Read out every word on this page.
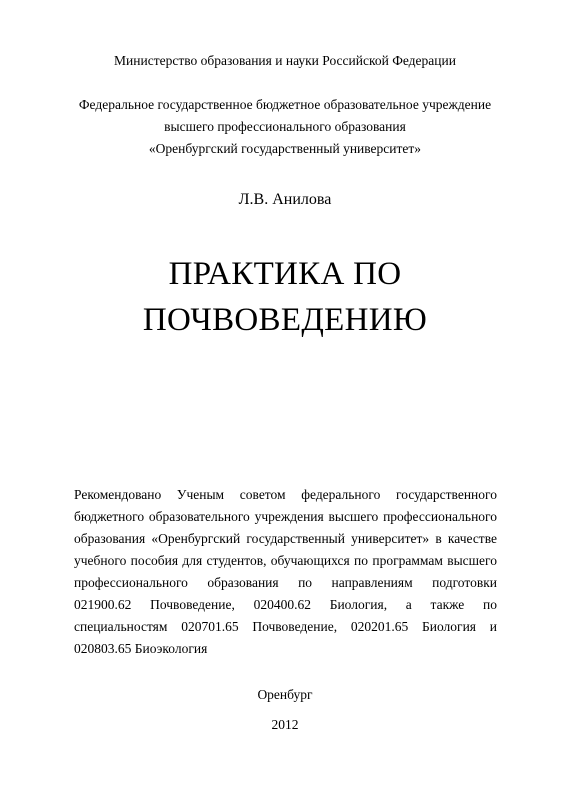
Министерство образования и науки Российской Федерации
Федеральное государственное бюджетное образовательное учреждение
высшего профессионального образования
«Оренбургский государственный университет»
Л.В. Анилова
ПРАКТИКА ПО
ПОЧВОВЕДЕНИЮ
Рекомендовано Ученым советом федерального государственного
бюджетного образовательного учреждения высшего профессионального
образования «Оренбургский государственный университет» в качестве
учебного пособия для студентов, обучающихся по программам высшего
профессионального образования по направлениям подготовки
021900.62 Почвоведение, 020400.62 Биология, а также по
специальностям 020701.65 Почвоведение, 020201.65 Биология и
020803.65 Биоэкология
Оренбург
2012
